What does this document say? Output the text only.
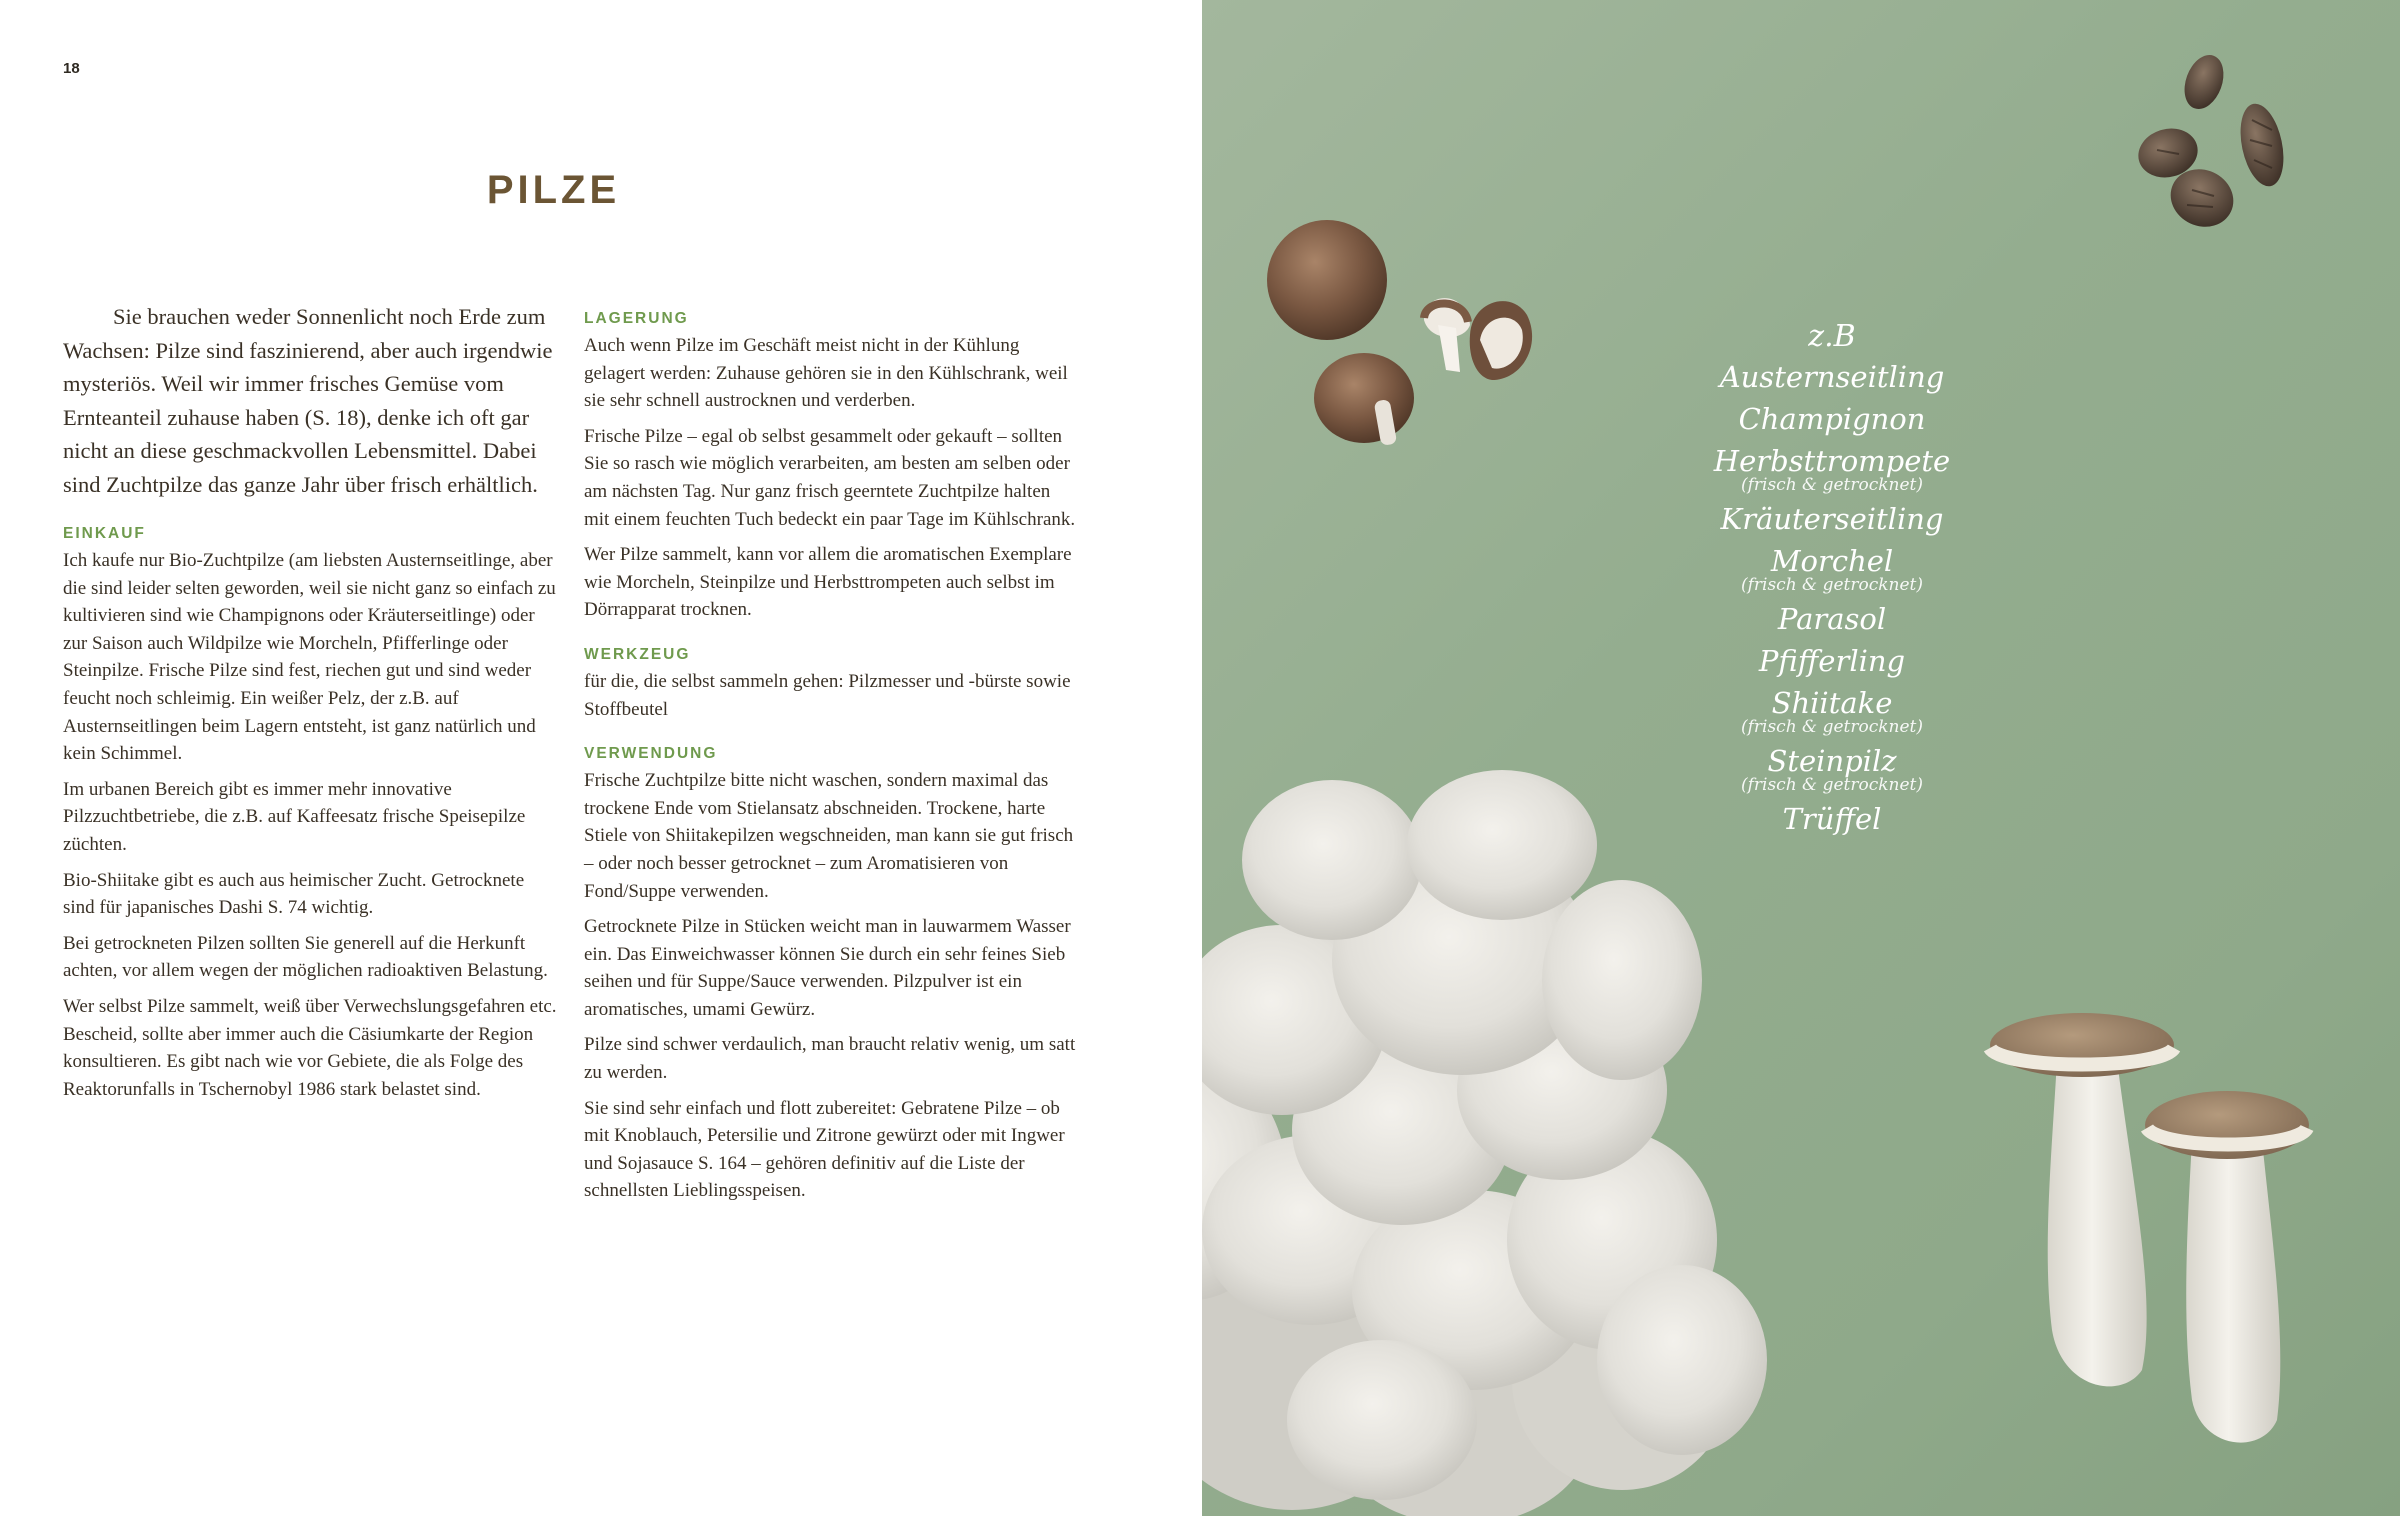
18
PILZE

Sie brauchen weder Sonnenlicht noch Erde zum Wachsen: Pilze sind faszinierend, aber auch irgendwie mysteriös. Weil wir immer frisches Gemüse vom Ernteanteil zuhause haben (S. 18), denke ich oft gar nicht an diese geschmackvollen Lebensmittel. Dabei sind Zuchtpilze das ganze Jahr über frisch erhältlich.

EINKAUF

Ich kaufe nur Bio-Zuchtpilze (am liebsten Austernseitlinge, aber die sind leider selten geworden, weil sie nicht ganz so einfach zu kultivieren sind wie Champignons oder Kräuterseitlinge) oder zur Saison auch Wildpilze wie Morcheln, Pfifferlinge oder Steinpilze. Frische Pilze sind fest, riechen gut und sind weder feucht noch schleimig. Ein weißer Pelz, der z.B. auf Austernseitlingen beim Lagern entsteht, ist ganz natürlich und kein Schimmel.

Im urbanen Bereich gibt es immer mehr innovative Pilzzuchtbetriebe, die z.B. auf Kaffeesatz frische Speisepilze züchten.

Bio-Shiitake gibt es auch aus heimischer Zucht. Getrocknete sind für japanisches Dashi S. 74 wichtig.

Bei getrockneten Pilzen sollten Sie generell auf die Herkunft achten, vor allem wegen der möglichen radioaktiven Belastung.

Wer selbst Pilze sammelt, weiß über Verwechslungsgefahren etc. Bescheid, sollte aber immer auch die Cäsiumkarte der Region konsultieren. Es gibt nach wie vor Gebiete, die als Folge des Reaktorunfalls in Tschernobyl 1986 stark belastet sind.

LAGERUNG

Auch wenn Pilze im Geschäft meist nicht in der Kühlung gelagert werden: Zuhause gehören sie in den Kühlschrank, weil sie sehr schnell austrocknen und verderben.

Frische Pilze – egal ob selbst gesammelt oder gekauft – sollten Sie so rasch wie möglich verarbeiten, am besten am selben oder am nächsten Tag. Nur ganz frisch geerntete Zuchtpilze halten mit einem feuchten Tuch bedeckt ein paar Tage im Kühlschrank.

Wer Pilze sammelt, kann vor allem die aromatischen Exemplare wie Morcheln, Steinpilze und Herbsttrompeten auch selbst im Dörrapparat trocknen.

WERKZEUG

für die, die selbst sammeln gehen: Pilzmesser und -bürste sowie Stoffbeutel

VERWENDUNG

Frische Zuchtpilze bitte nicht waschen, sondern maximal das trockene Ende vom Stielansatz abschneiden. Trockene, harte Stiele von Shiitakepilzen wegschneiden, man kann sie gut frisch – oder noch besser getrocknet – zum Aromatisieren von Fond/Suppe verwenden.

Getrocknete Pilze in Stücken weicht man in lauwarmem Wasser ein. Das Einweichwasser können Sie durch ein sehr feines Sieb seihen und für Suppe/Sauce verwenden. Pilzpulver ist ein aromatisches, umami Gewürz.

Pilze sind schwer verdaulich, man braucht relativ wenig, um satt zu werden.

Sie sind sehr einfach und flott zubereitet: Gebratene Pilze – ob mit Knoblauch, Petersilie und Zitrone gewürzt oder mit Ingwer und Sojasauce S. 164 – gehören definitiv auf die Liste der schnellsten Lieblingsspeisen.

z.B
Austernseitling
Champignon
Herbsttrompete
(frisch & getrocknet)
Kräuterseitling
Morchel
(frisch & getrocknet)
Parasol
Pfifferling
Shiitake
(frisch & getrocknet)
Steinpilz
(frisch & getrocknet)
Trüffel
